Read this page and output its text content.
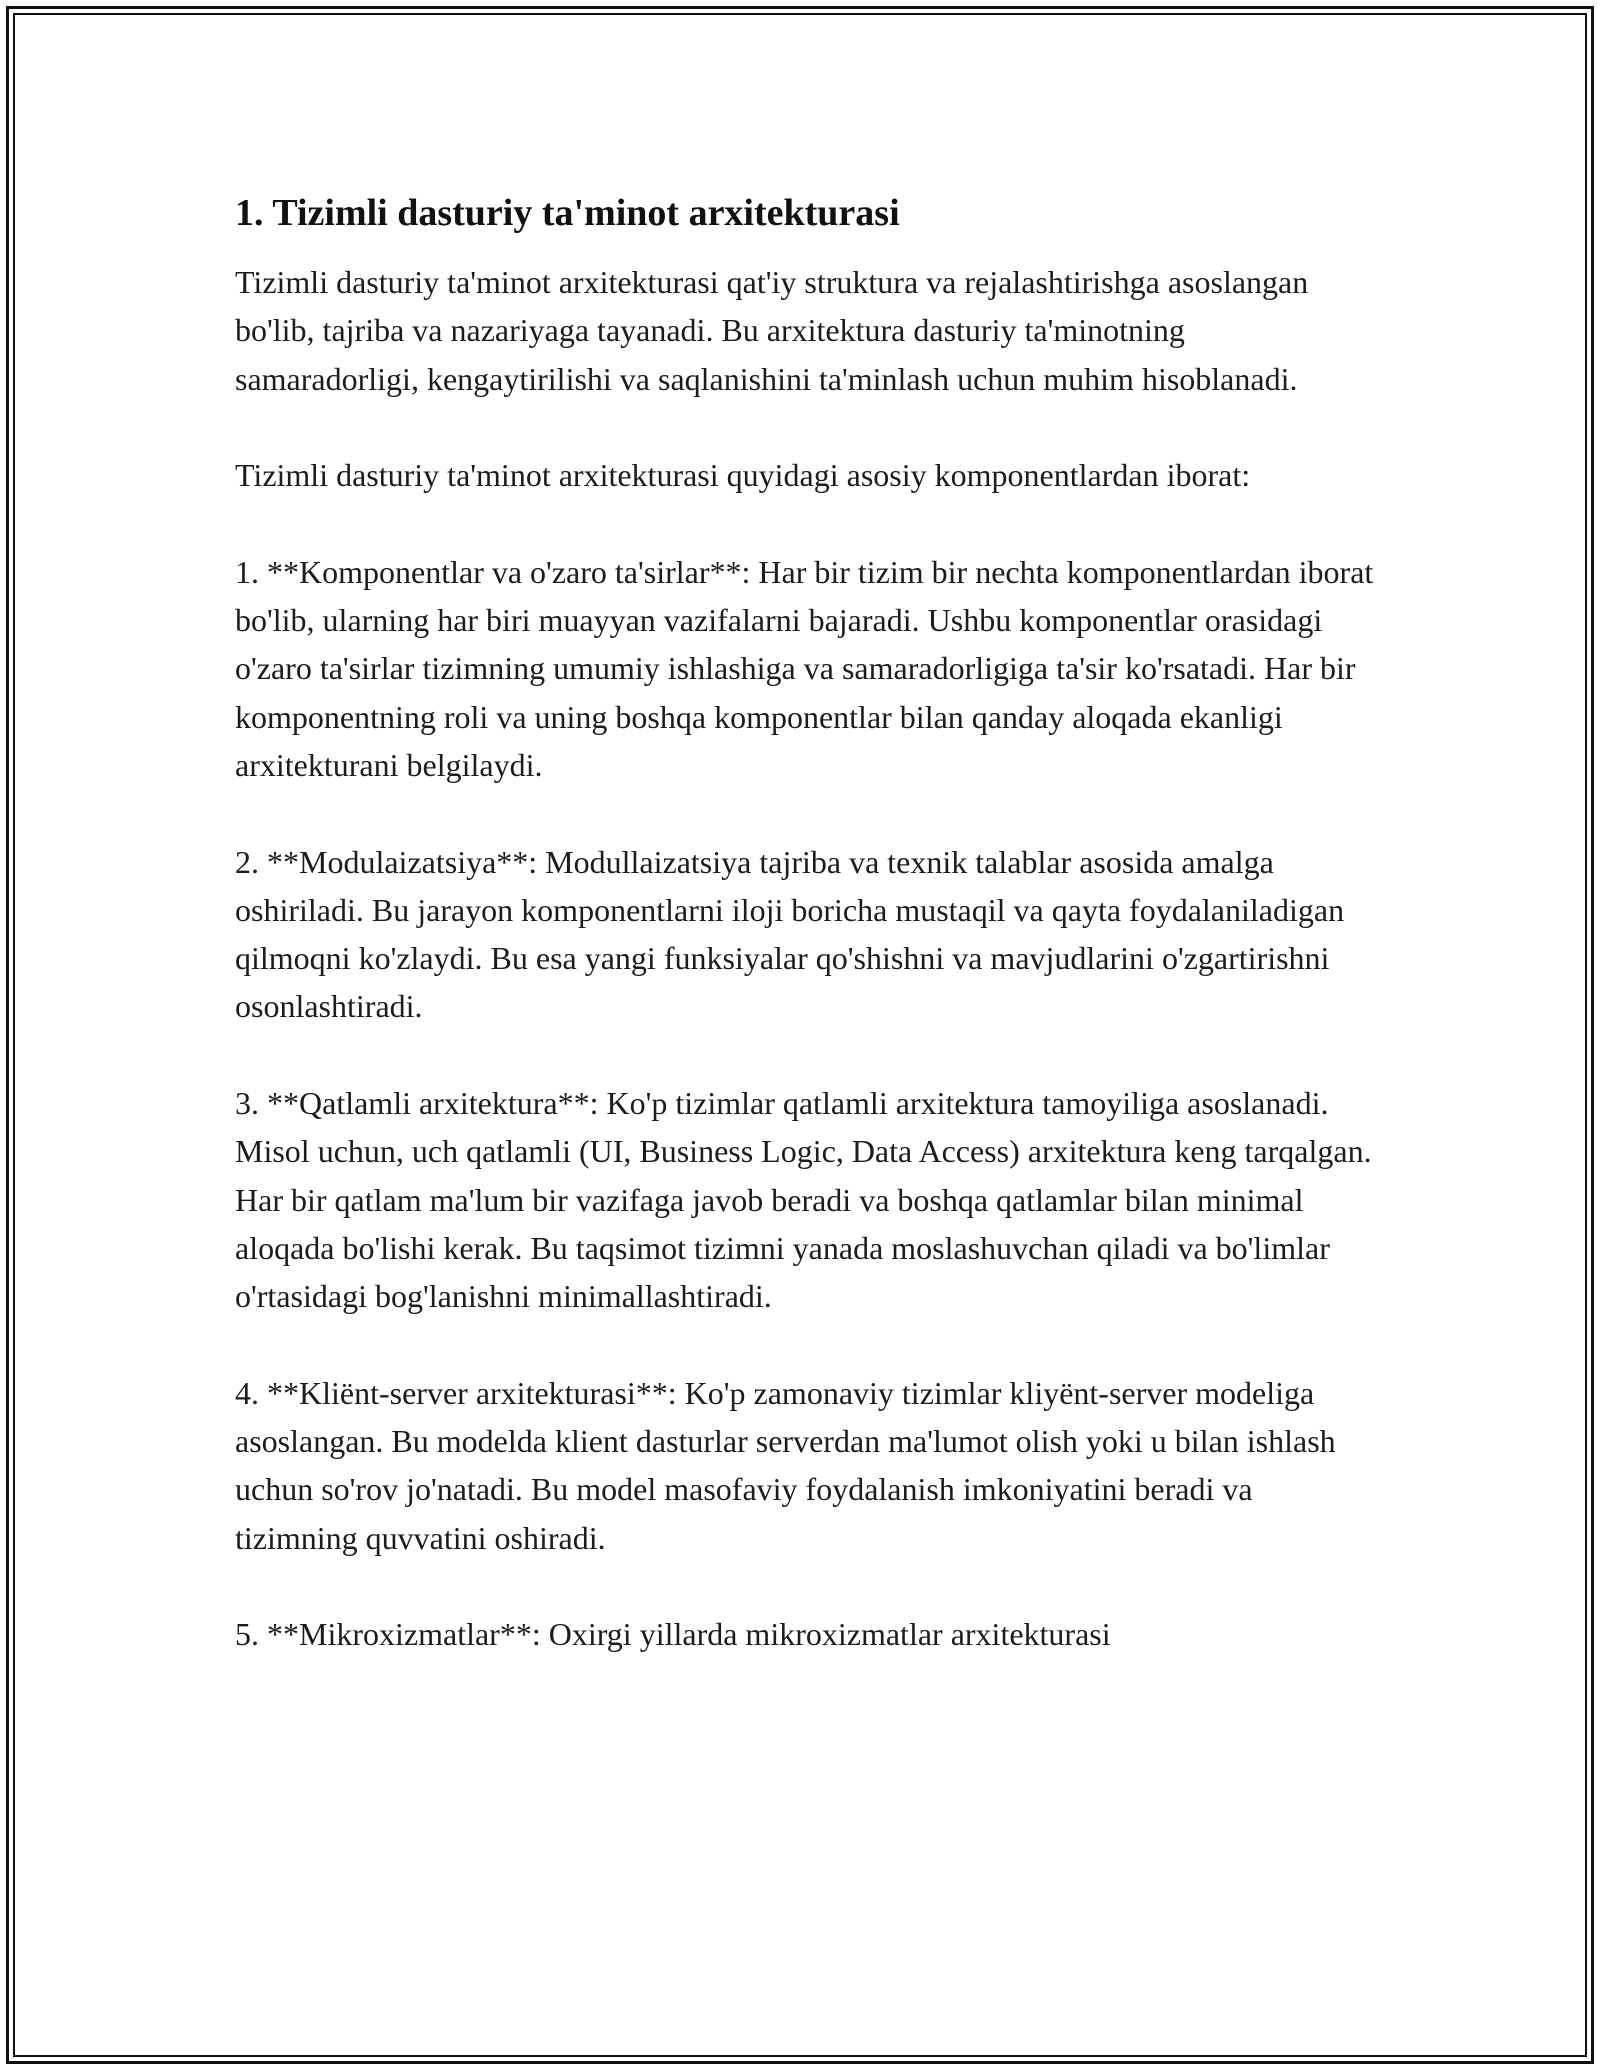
1. Tizimli dasturiy ta'minot arxitekturasi

Tizimli dasturiy ta'minot arxitekturasi qat'iy struktura va rejalashtirishga asoslangan bo'lib, tajriba va nazariyaga tayanadi. Bu arxitektura dasturiy ta'minotning samaradorligi, kengaytirilishi va saqlanishini ta'minlash uchun muhim hisoblanadi.

Tizimli dasturiy ta'minot arxitekturasi quyidagi asosiy komponentlardan iborat:

1. **Komponentlar va o'zaro ta'sirlar**: Har bir tizim bir nechta komponentlardan iborat bo'lib, ularning har biri muayyan vazifalarni bajaradi. Ushbu komponentlar orasidagi o'zaro ta'sirlar tizimning umumiy ishlashiga va samaradorligiga ta'sir ko'rsatadi. Har bir komponentning roli va uning boshqa komponentlar bilan qanday aloqada ekanligi arxitekturani belgilaydi.

2. **Modulaizatsiya**: Modullaizatsiya tajriba va texnik talablar asosida amalga oshiriladi. Bu jarayon komponentlarni iloji boricha mustaqil va qayta foydalaniladigan qilmoqni ko'zlaydi. Bu esa yangi funksiyalar qo'shishni va mavjudlarini o'zgartirishni osonlashtiradi.

3. **Qatlamli arxitektura**: Ko'p tizimlar qatlamli arxitektura tamoyiliga asoslanadi. Misol uchun, uch qatlamli (UI, Business Logic, Data Access) arxitektura keng tarqalgan. Har bir qatlam ma'lum bir vazifaga javob beradi va boshqa qatlamlar bilan minimal aloqada bo'lishi kerak. Bu taqsimot tizimni yanada moslashuvchan qiladi va bo'limlar o'rtasidagi bog'lanishni minimallashtiradi.

4. **Kliënt-server arxitekturasi**: Ko'p zamonaviy tizimlar kliyënt-server modeliga asoslangan. Bu modelda klient dasturlar serverdan ma'lumot olish yoki u bilan ishlash uchun so'rov jo'natadi. Bu model masofaviy foydalanish imkoniyatini beradi va tizimning quvvatini oshiradi.

5. **Mikroxizmatlar**: Oxirgi yillarda mikroxizmatlar arxitekturasi
